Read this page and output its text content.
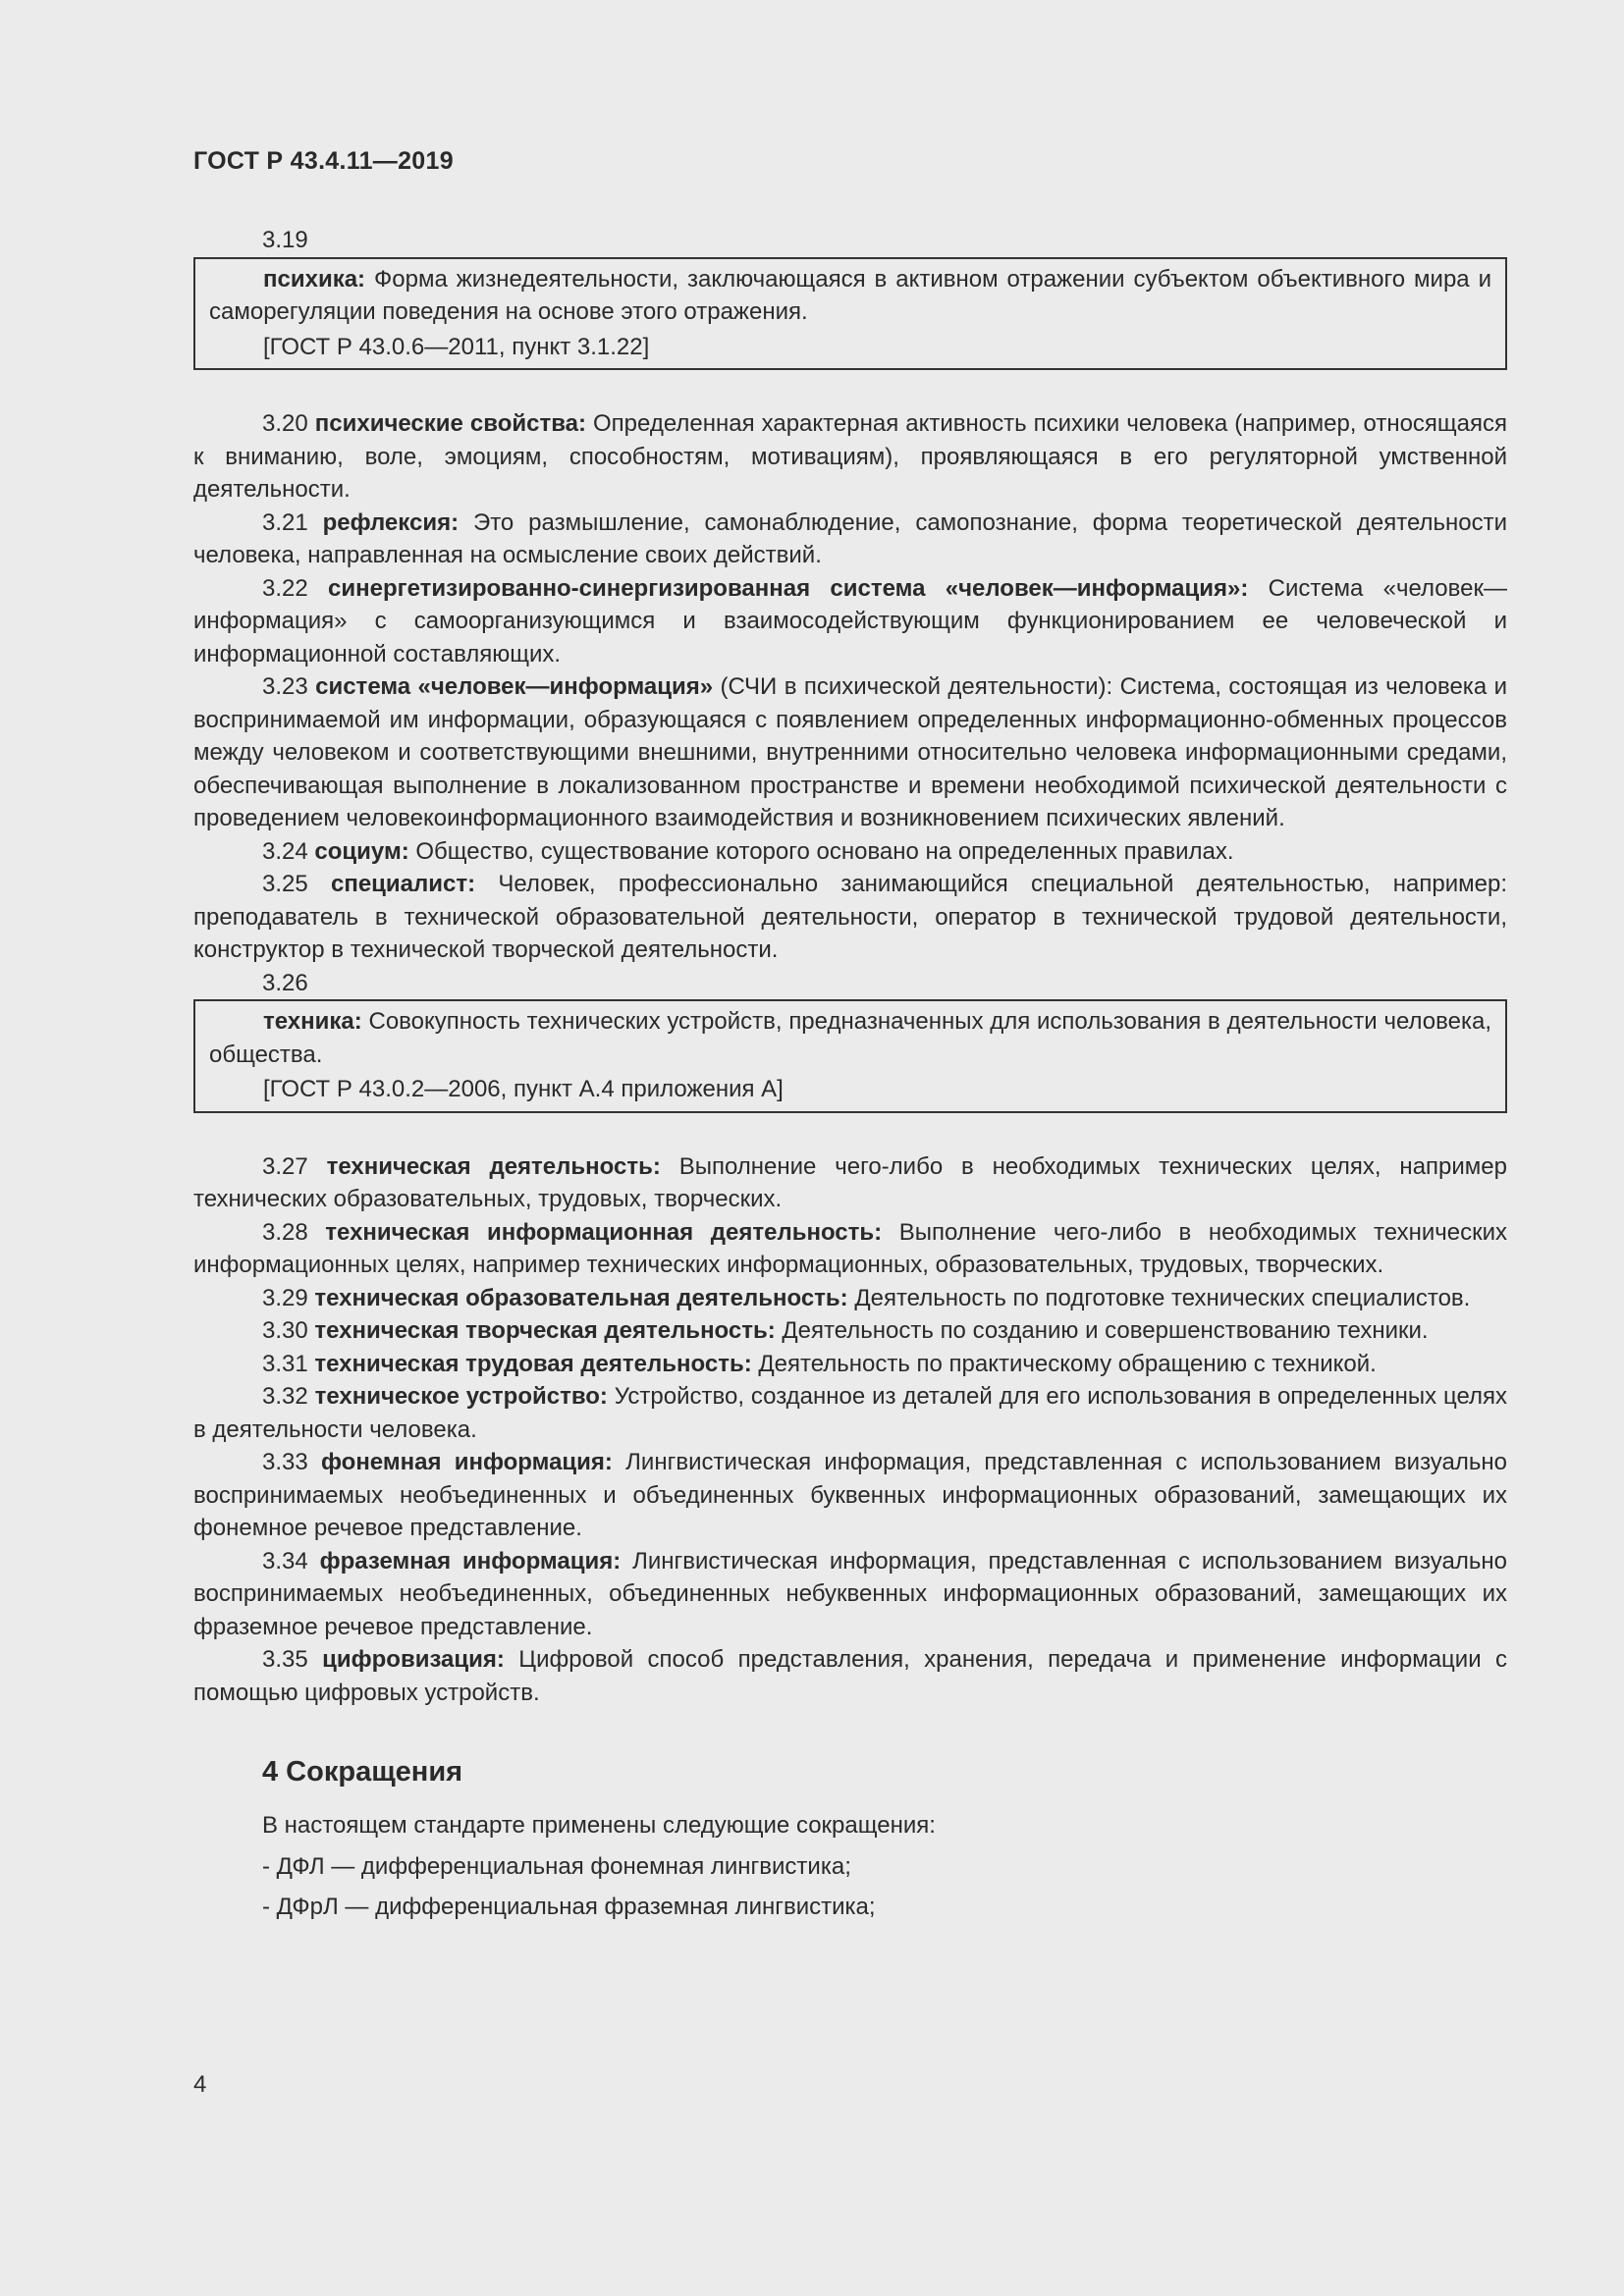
ГОСТ Р 43.4.11—2019

3.19

психика: Форма жизнедеятельности, заключающаяся в активном отражении субъектом объективного мира и саморегуляции поведения на основе этого отражения.

[ГОСТ Р 43.0.6—2011, пункт 3.1.22]

3.20 психические свойства: Определенная характерная активность психики человека (например, относящаяся к вниманию, воле, эмоциям, способностям, мотивациям), проявляющаяся в его регуляторной умственной деятельности.

3.21 рефлексия: Это размышление, самонаблюдение, самопознание, форма теоретической деятельности человека, направленная на осмысление своих действий.

3.22 синергетизированно-синергизированная система «человек—информация»: Система «человек—информация» с самоорганизующимся и взаимосодействующим функционированием ее человеческой и информационной составляющих.

3.23 система «человек—информация» (СЧИ в психической деятельности): Система, состоящая из человека и воспринимаемой им информации, образующаяся с появлением определенных информационно-обменных процессов между человеком и соответствующими внешними, внутренними относительно человека информационными средами, обеспечивающая выполнение в локализованном пространстве и времени необходимой психической деятельности с проведением человекоинформационного взаимодействия и возникновением психических явлений.

3.24 социум: Общество, существование которого основано на определенных правилах.

3.25 специалист: Человек, профессионально занимающийся специальной деятельностью, например: преподаватель в технической образовательной деятельности, оператор в технической трудовой деятельности, конструктор в технической творческой деятельности.

3.26

техника: Совокупность технических устройств, предназначенных для использования в деятельности человека, общества.

[ГОСТ Р 43.0.2—2006, пункт А.4 приложения А]

3.27 техническая деятельность: Выполнение чего-либо в необходимых технических целях, например технических образовательных, трудовых, творческих.

3.28 техническая информационная деятельность: Выполнение чего-либо в необходимых технических информационных целях, например технических информационных, образовательных, трудовых, творческих.

3.29 техническая образовательная деятельность: Деятельность по подготовке технических специалистов.

3.30 техническая творческая деятельность: Деятельность по созданию и совершенствованию техники.

3.31 техническая трудовая деятельность: Деятельность по практическому обращению с техникой.

3.32 техническое устройство: Устройство, созданное из деталей для его использования в определенных целях в деятельности человека.

3.33 фонемная информация: Лингвистическая информация, представленная с использованием визуально воспринимаемых необъединенных и объединенных буквенных информационных образований, замещающих их фонемное речевое представление.

3.34 фраземная информация: Лингвистическая информация, представленная с использованием визуально воспринимаемых необъединенных, объединенных небуквенных информационных образований, замещающих их фраземное речевое представление.

3.35 цифровизация: Цифровой способ представления, хранения, передача и применение информации с помощью цифровых устройств.

4 Сокращения

В настоящем стандарте применены следующие сокращения:

- ДФЛ — дифференциальная фонемная лингвистика;

- ДФрЛ — дифференциальная фраземная лингвистика;

4
